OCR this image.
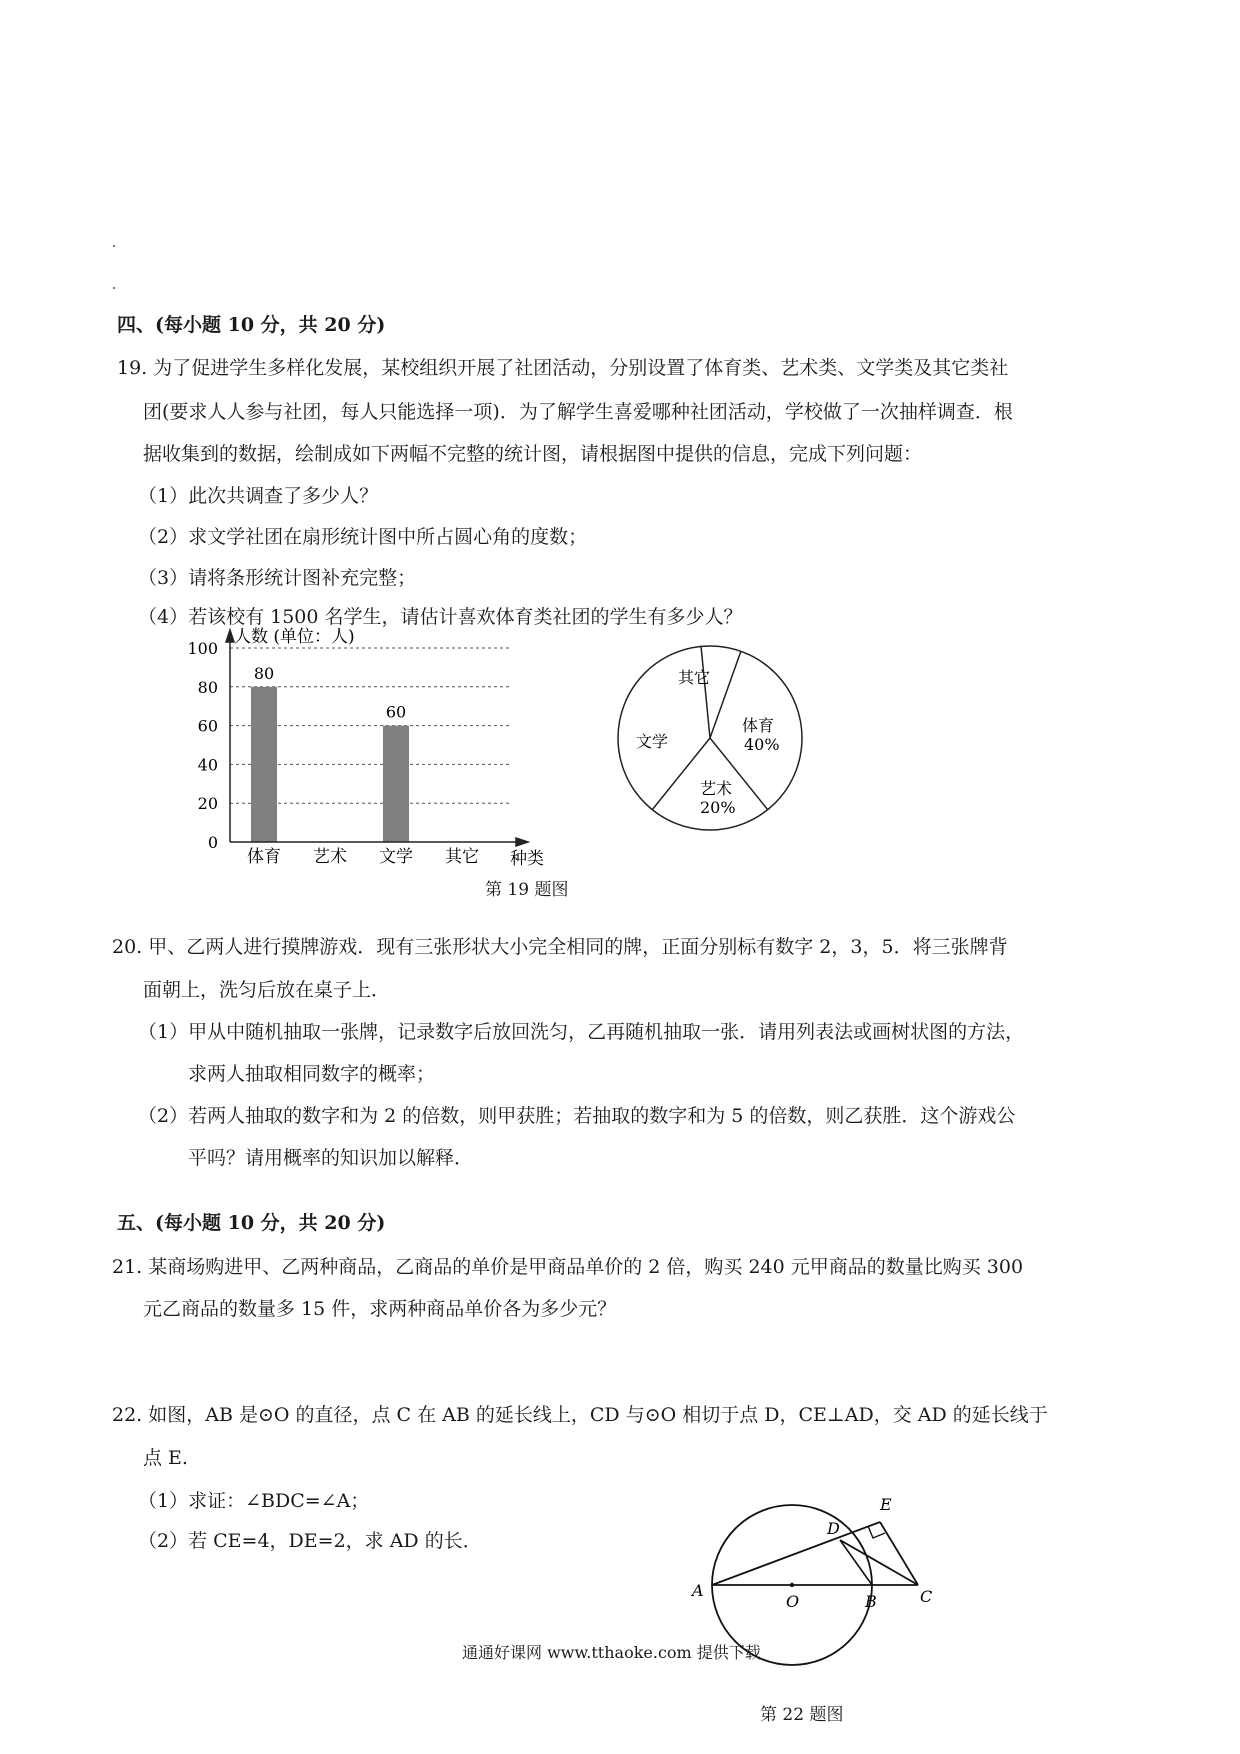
四、(每小题 10 分，共 20 分)
19. 为了促进学生多样化发展，某校组织开展了社团活动，分别设置了体育类、艺术类、文学类及其它类社
团(要求人人参与社团，每人只能选择一项)．为了解学生喜爱哪种社团活动，学校做了一次抽样调查．根
据收集到的数据，绘制成如下两幅不完整的统计图，请根据图中提供的信息，完成下列问题：
（1）此次共调查了多少人？
（2）求文学社团在扇形统计图中所占圆心角的度数；
（3）请将条形统计图补充完整；
（4）若该校有 1500 名学生，请估计喜欢体育类社团的学生有多少人？
0
20
40
60
80
100
体育
80
艺术 文学
60
其它
人数 (单位：人)
种类
其它
体育
40%
文学
艺术
20%
第 19 题图
20. 甲、乙两人进行摸牌游戏．现有三张形状大小完全相同的牌，正面分别标有数字 2，3，5．将三张牌背
面朝上，洗匀后放在桌子上．
（1）甲从中随机抽取一张牌，记录数字后放回洗匀，乙再随机抽取一张．请用列表法或画树状图的方法，
求两人抽取相同数字的概率；
（2）若两人抽取的数字和为 2 的倍数，则甲获胜；若抽取的数字和为 5 的倍数，则乙获胜．这个游戏公
平吗？请用概率的知识加以解释．
五、(每小题 10 分，共 20 分)
21. 某商场购进甲、乙两种商品，乙商品的单价是甲商品单价的 2 倍，购买 240 元甲商品的数量比购买 300
元乙商品的数量多 15 件，求两种商品单价各为多少元？
22. 如图，AB 是⊙O 的直径，点 C 在 AB 的延长线上，CD 与⊙O 相切于点 D，CE⊥AD，交 AD 的延长线于
点 E.
（1）求证：∠BDC=∠A；
（2）若 CE=4，DE=2，求 AD 的长．
A
O	B	C
D
E
通通好课网 www.tthaoke.com 提供下载
第 22 题图
